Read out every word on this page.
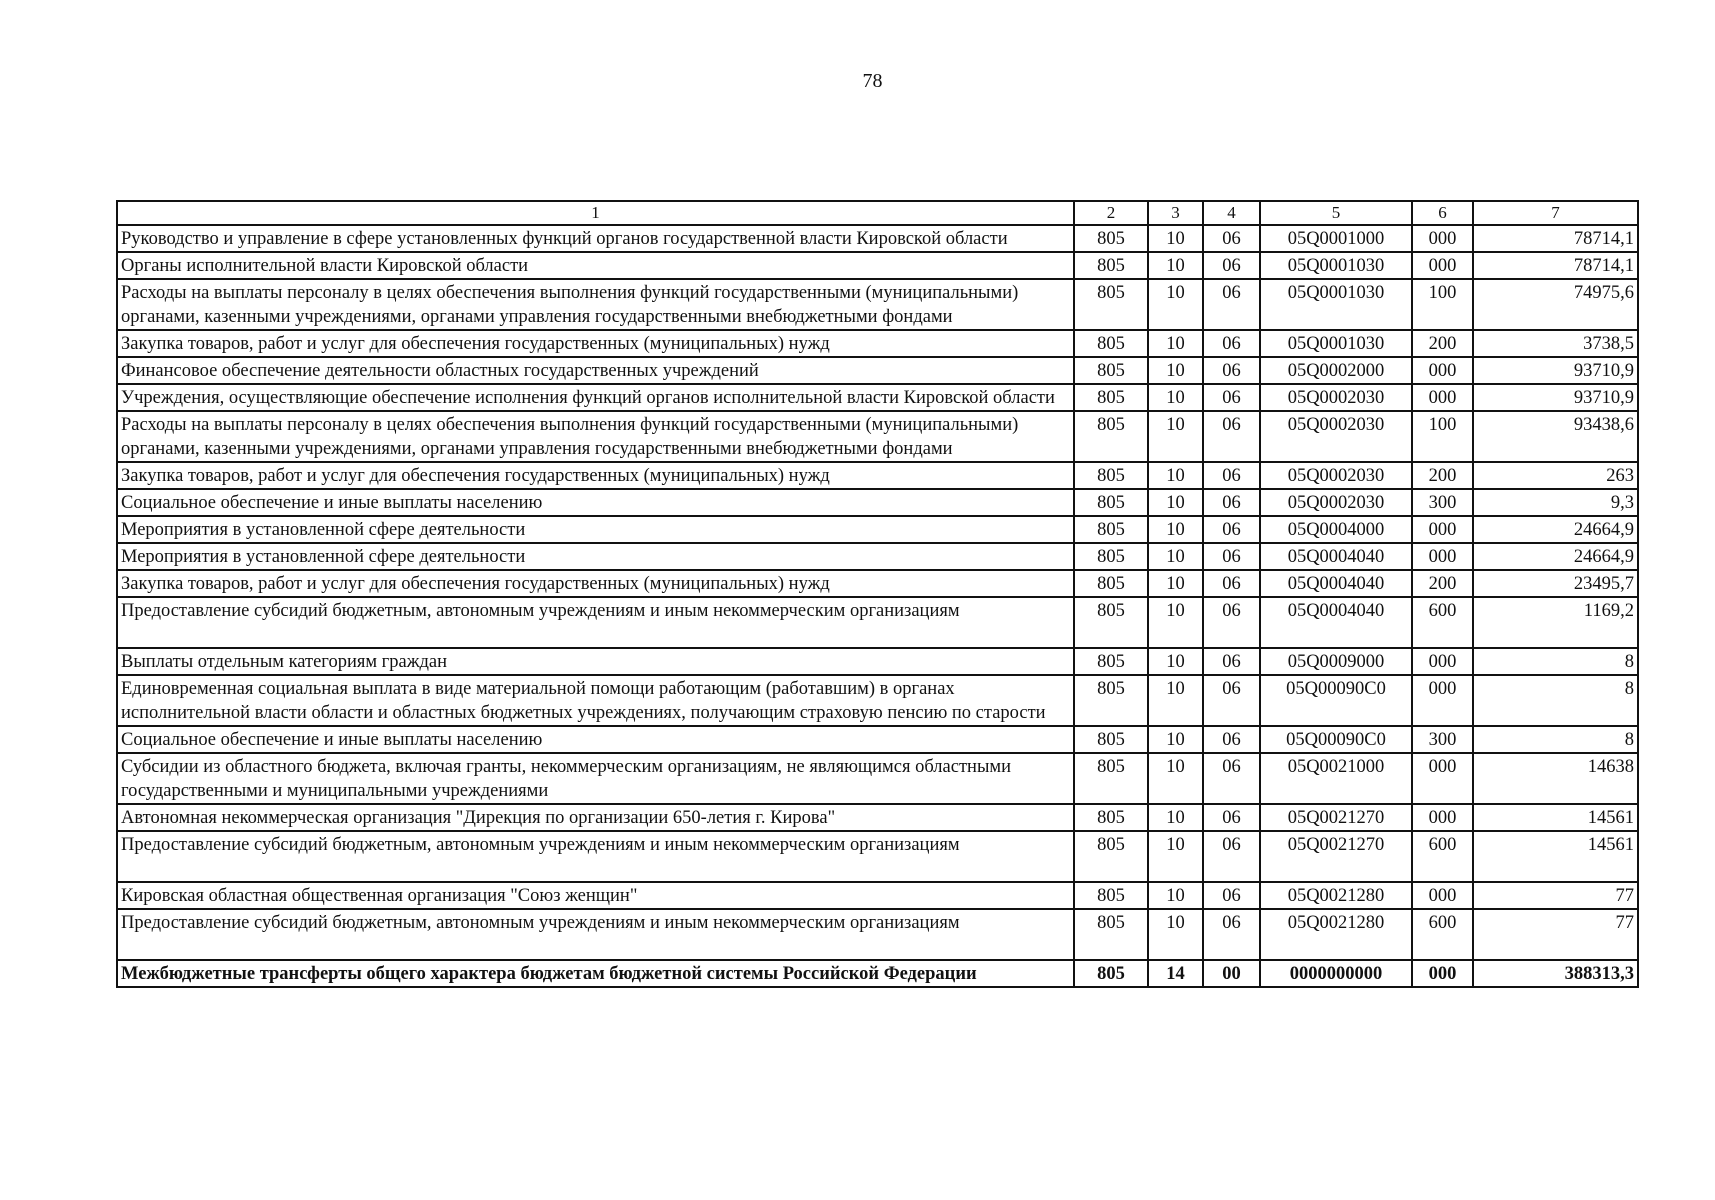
78
1	2	3	4	5	6	7
Руководство и управление в сфере установленных функций органов государственной власти Кировской области	805	10	06	05Q0001000	000	78714,1
Органы исполнительной власти Кировской области	805	10	06	05Q0001030	000	78714,1
Расходы на выплаты персоналу в целях обеспечения выполнения функций государственными (муниципальными) органами, казенными учреждениями, органами управления государственными внебюджетными фондами	805	10	06	05Q0001030	100	74975,6
Закупка товаров, работ и услуг для обеспечения государственных (муниципальных) нужд	805	10	06	05Q0001030	200	3738,5
Финансовое обеспечение деятельности областных государственных учреждений	805	10	06	05Q0002000	000	93710,9
Учреждения, осуществляющие обеспечение исполнения функций органов исполнительной власти Кировской области	805	10	06	05Q0002030	000	93710,9
Расходы на выплаты персоналу в целях обеспечения выполнения функций государственными (муниципальными) органами, казенными учреждениями, органами управления государственными внебюджетными фондами	805	10	06	05Q0002030	100	93438,6
Закупка товаров, работ и услуг для обеспечения государственных (муниципальных) нужд	805	10	06	05Q0002030	200	263
Социальное обеспечение и иные выплаты населению	805	10	06	05Q0002030	300	9,3
Мероприятия в установленной сфере деятельности	805	10	06	05Q0004000	000	24664,9
Мероприятия в установленной сфере деятельности	805	10	06	05Q0004040	000	24664,9
Закупка товаров, работ и услуг для обеспечения государственных (муниципальных) нужд	805	10	06	05Q0004040	200	23495,7
Предоставление субсидий бюджетным, автономным учреждениям и иным некоммерческим организациям	805	10	06	05Q0004040	600	1169,2
Выплаты отдельным категориям граждан	805	10	06	05Q0009000	000	8
Единовременная социальная выплата в виде материальной помощи работающим (работавшим) в органах исполнительной власти области и областных бюджетных учреждениях, получающим страховую пенсию по старости	805	10	06	05Q00090C0	000	8
Социальное обеспечение и иные выплаты населению	805	10	06	05Q00090C0	300	8
Субсидии из областного бюджета, включая гранты, некоммерческим организациям, не являющимся областными государственными и муниципальными учреждениями	805	10	06	05Q0021000	000	14638
Автономная некоммерческая организация "Дирекция по организации 650-летия г. Кирова"	805	10	06	05Q0021270	000	14561
Предоставление субсидий бюджетным, автономным учреждениям и иным некоммерческим организациям	805	10	06	05Q0021270	600	14561
Кировская областная общественная организация "Союз женщин"	805	10	06	05Q0021280	000	77
Предоставление субсидий бюджетным, автономным учреждениям и иным некоммерческим организациям	805	10	06	05Q0021280	600	77
Межбюджетные трансферты общего характера бюджетам бюджетной системы Российской Федерации	805	14	00	0000000000	000	388313,3
